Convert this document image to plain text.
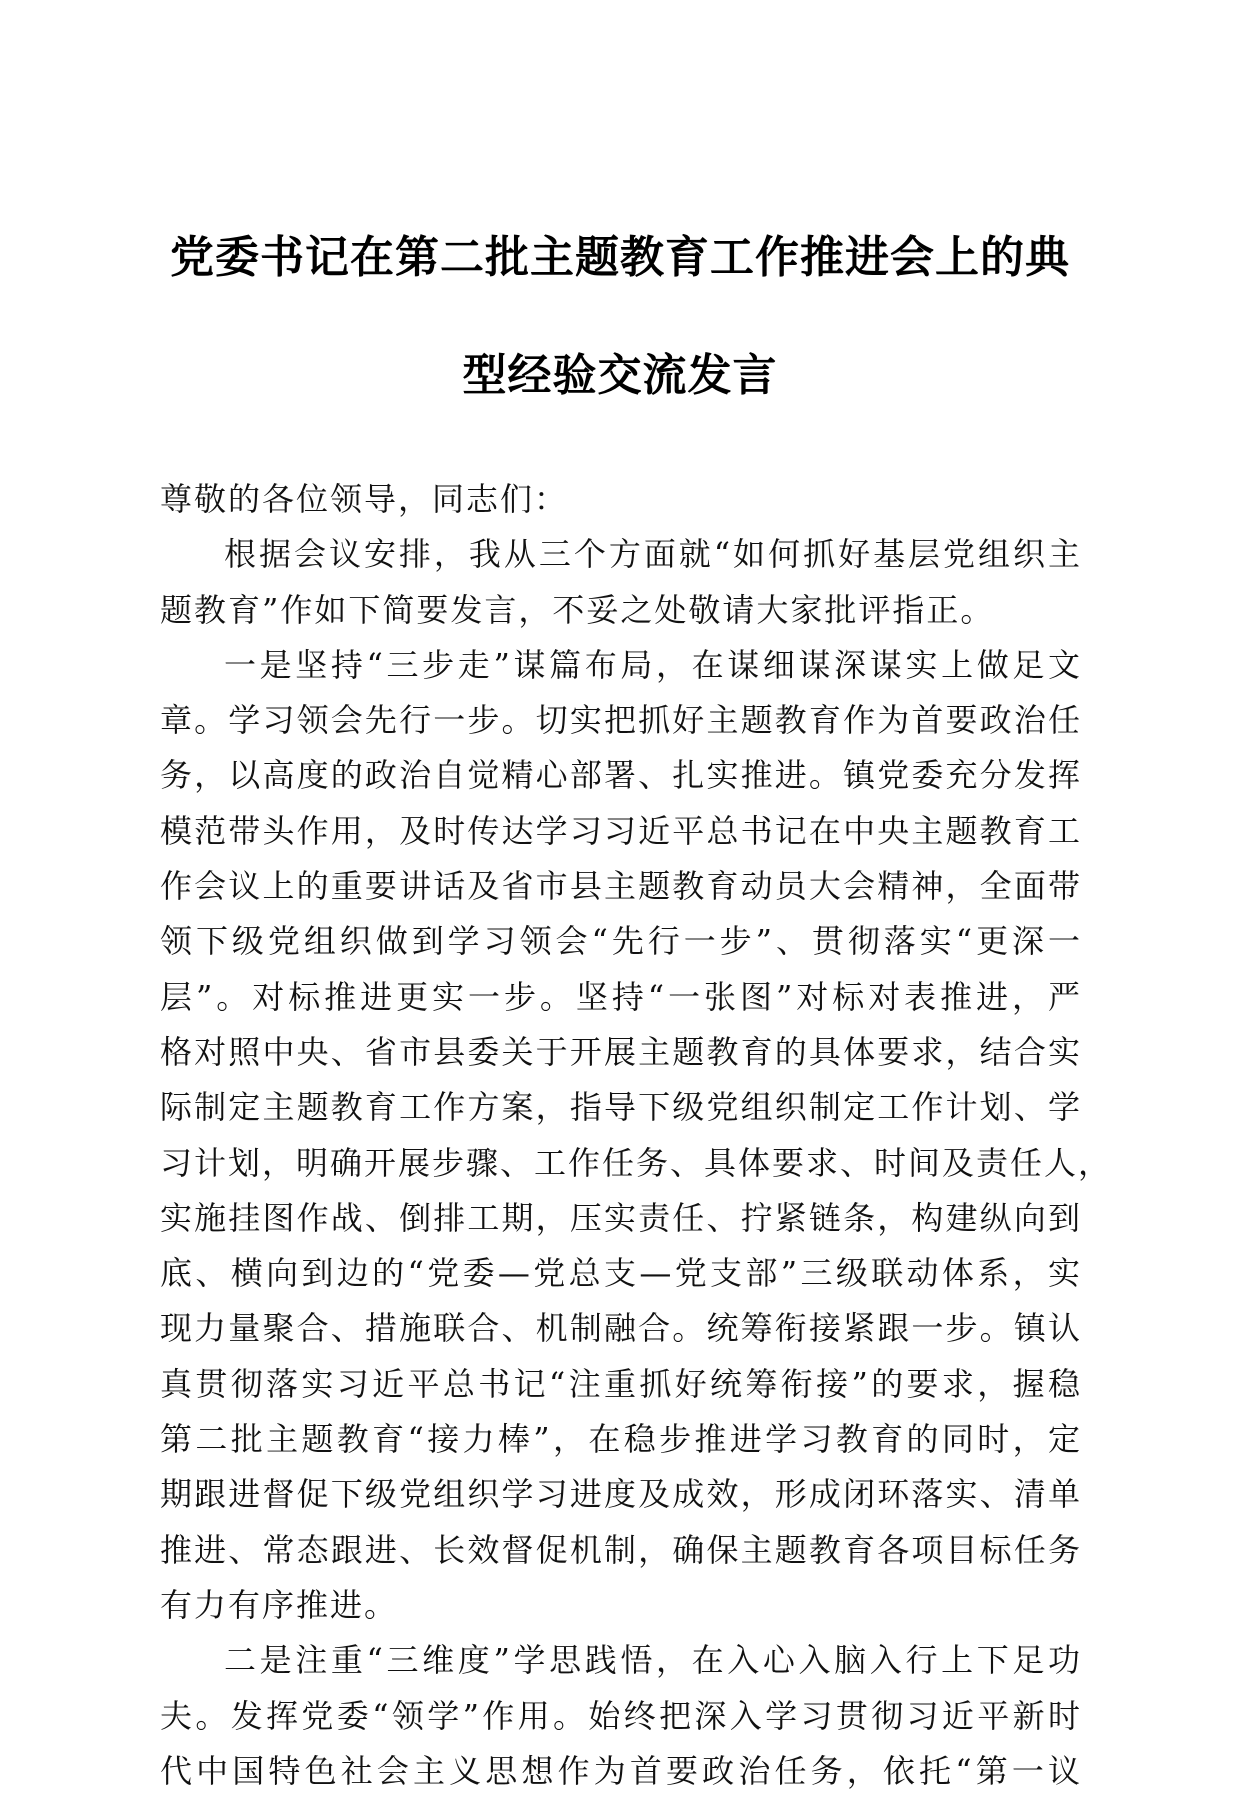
党委书记在第二批主题教育工作推进会上的典
型经验交流发言
尊敬的各位领导，同志们：
根据会议安排，我从三个方面就“如何抓好基层党组织主
题教育”作如下简要发言，不妥之处敬请大家批评指正。
一是坚持“三步走”谋篇布局，在谋细谋深谋实上做足文
章。学习领会先行一步。切实把抓好主题教育作为首要政治任
务，以高度的政治自觉精心部署、扎实推进。镇党委充分发挥
模范带头作用，及时传达学习习近平总书记在中央主题教育工
作会议上的重要讲话及省市县主题教育动员大会精神，全面带
领下级党组织做到学习领会“先行一步”、贯彻落实“更深一
层”。对标推进更实一步。坚持“一张图”对标对表推进，严
格对照中央、省市县委关于开展主题教育的具体要求，结合实
际制定主题教育工作方案，指导下级党组织制定工作计划、学
习计划，明确开展步骤、工作任务、具体要求、时间及责任人，
实施挂图作战、倒排工期，压实责任、拧紧链条，构建纵向到
底、横向到边的“党委—党总支—党支部”三级联动体系，实
现力量聚合、措施联合、机制融合。统筹衔接紧跟一步。镇认
真贯彻落实习近平总书记“注重抓好统筹衔接”的要求，握稳
第二批主题教育“接力棒”，在稳步推进学习教育的同时，定
期跟进督促下级党组织学习进度及成效，形成闭环落实、清单
推进、常态跟进、长效督促机制，确保主题教育各项目标任务
有力有序推进。
二是注重“三维度”学思践悟，在入心入脑入行上下足功
夫。发挥党委“领学”作用。始终把深入学习贯彻习近平新时
代中国特色社会主义思想作为首要政治任务，依托“第一议
